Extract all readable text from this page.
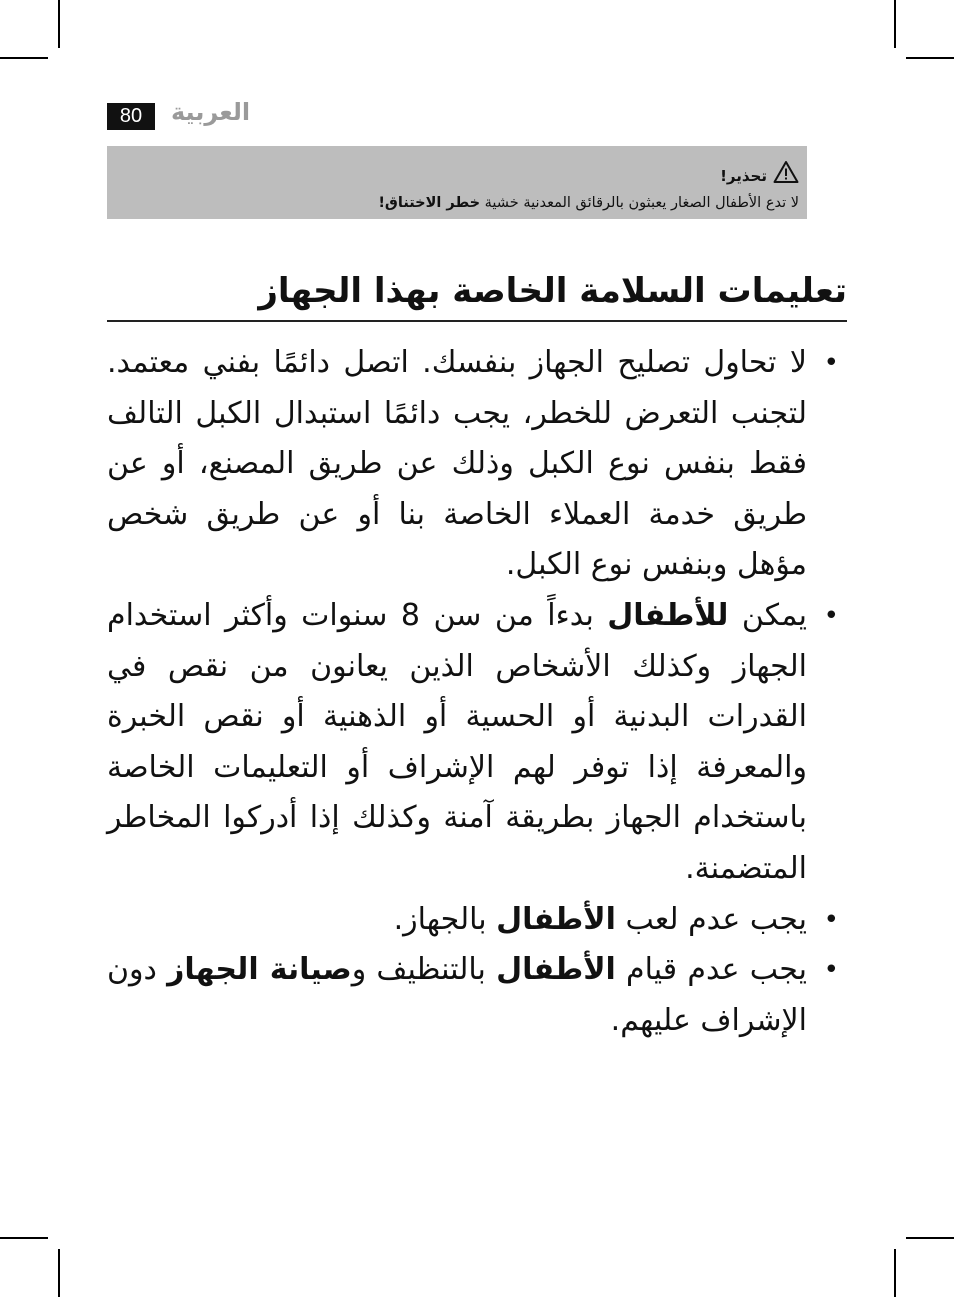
80	العربية
تحذير!
لا تدع الأطفال الصغار يعبثون بالرقائق المعدنية خشية خطر الاختناق!
تعليمات السلامة الخاصة بهذا الجهاز
• لا تحاول تصليح الجهاز بنفسك. اتصل دائمًا بفني معتمد. لتجنب التعرض للخطر، يجب دائمًا استبدال الكبل التالف فقط بنفس نوع الكبل وذلك عن طريق المصنع، أو عن طريق خدمة العملاء الخاصة بنا أو عن طريق شخص مؤهل وبنفس نوع الكبل.
• يمكن للأطفال بدءاً من سن 8 سنوات وأكثر استخدام الجهاز وكذلك الأشخاص الذين يعانون من نقص في القدرات البدنية أو الحسية أو الذهنية أو نقص الخبرة والمعرفة إذا توفر لهم الإشراف أو التعليمات الخاصة باستخدام الجهاز بطريقة آمنة وكذلك إذا أدركوا المخاطر المتضمنة.
• يجب عدم لعب الأطفال بالجهاز.
• يجب عدم قيام الأطفال بالتنظيف وصيانة الجهاز دون الإشراف عليهم.
